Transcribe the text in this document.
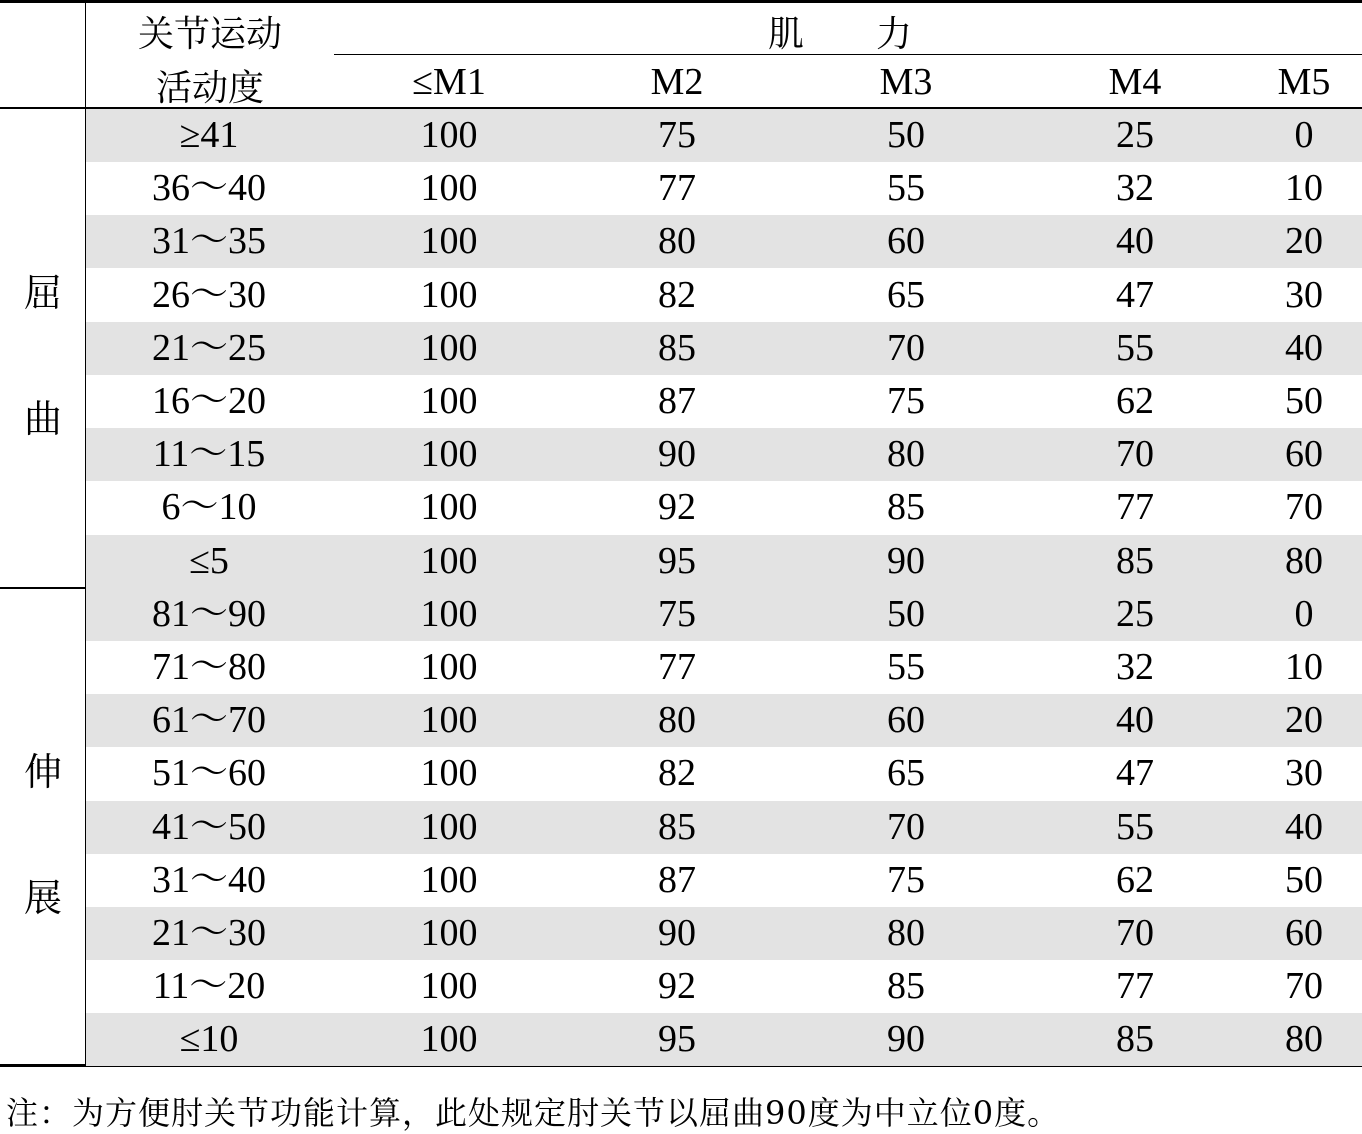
关节运动
活动度
肌　　力
≤M1	M2	M3	M4	M5
屈
曲
伸
展
≥41	100	75	50	25	0
36～40	100	77	55	32	10
31～35	100	80	60	40	20
26～30	100	82	65	47	30
21～25	100	85	70	55	40
16～20	100	87	75	62	50
11～15	100	90	80	70	60
6～10	100	92	85	77	70
≤5	100	95	90	85	80
81～90	100	75	50	25	0
71～80	100	77	55	32	10
61～70	100	80	60	40	20
51～60	100	82	65	47	30
41～50	100	85	70	55	40
31～40	100	87	75	62	50
21～30	100	90	80	70	60
11～20	100	92	85	77	70
≤10	100	95	90	85	80
注：为方便肘关节功能计算，此处规定肘关节以屈曲90度为中立位0度。
